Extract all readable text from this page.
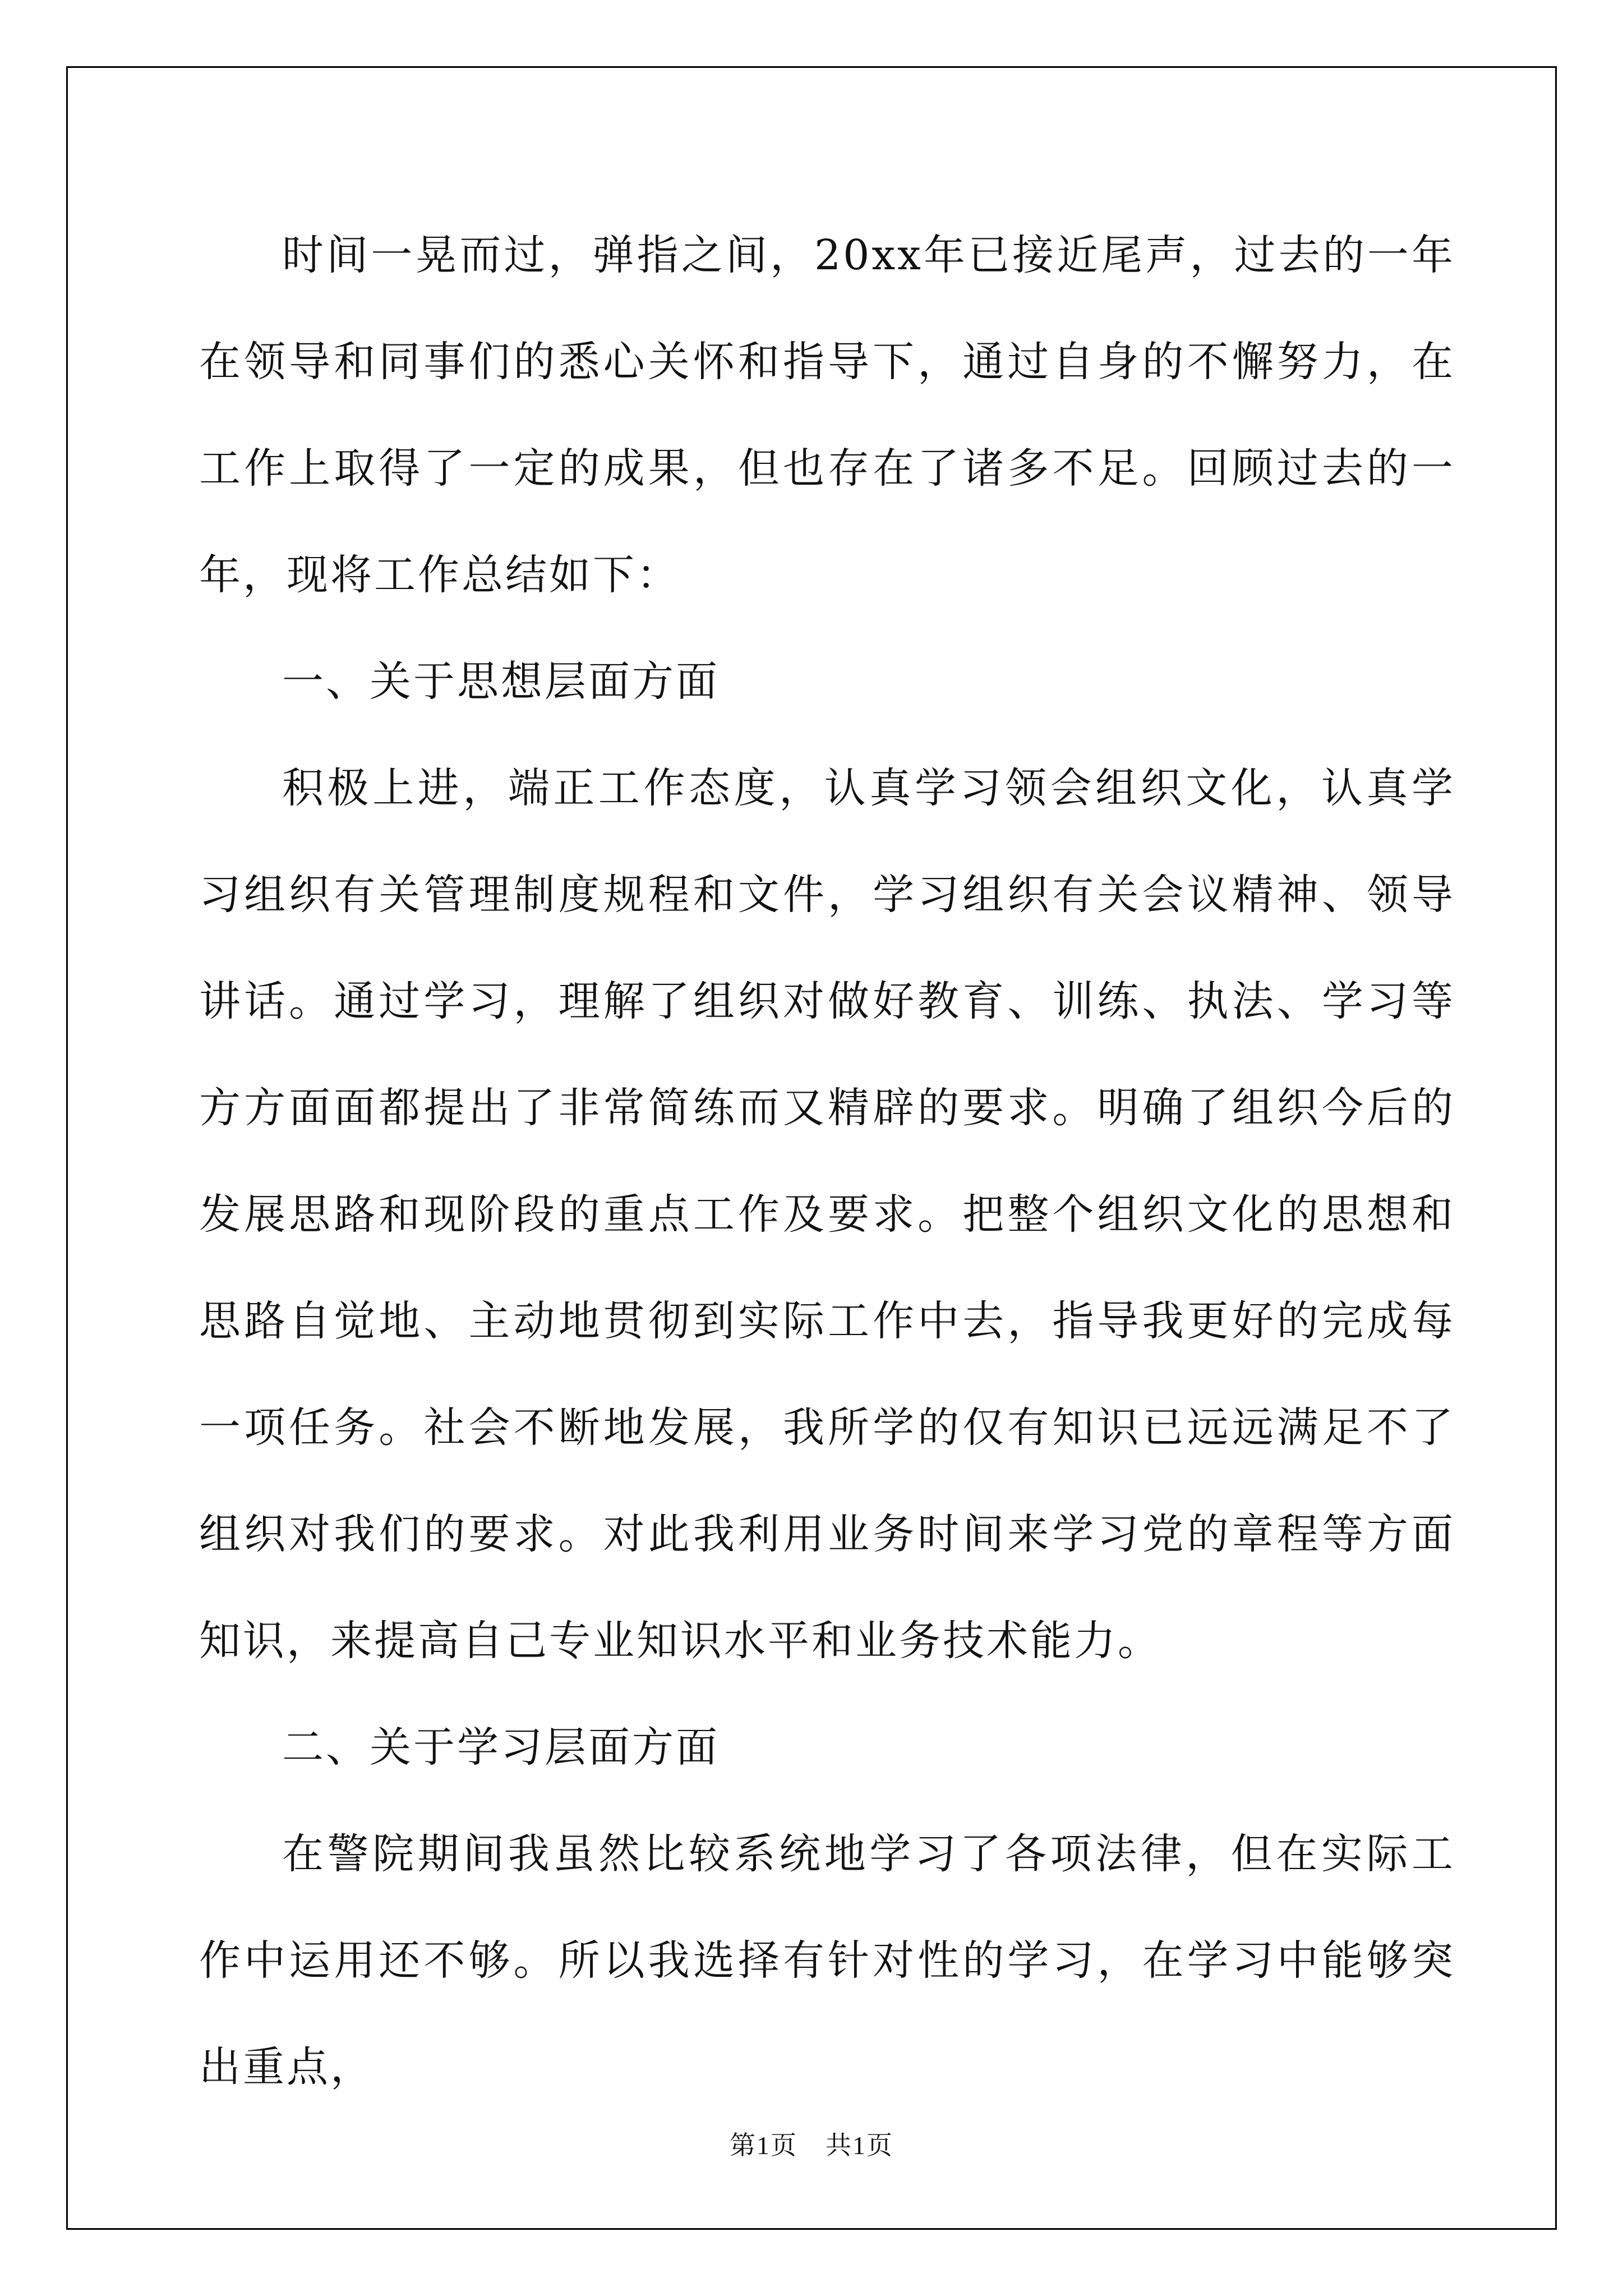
时间一晃而过，弹指之间，20xx年已接近尾声，过去的一年在领导和同事们的悉心关怀和指导下，通过自身的不懈努力，在工作上取得了一定的成果，但也存在了诸多不足。回顾过去的一年，现将工作总结如下：

一、关于思想层面方面

积极上进，端正工作态度，认真学习领会组织文化，认真学习组织有关管理制度规程和文件，学习组织有关会议精神、领导讲话。通过学习，理解了组织对做好教育、训练、执法、学习等方方面面都提出了非常简练而又精辟的要求。明确了组织今后的发展思路和现阶段的重点工作及要求。把整个组织文化的思想和思路自觉地、主动地贯彻到实际工作中去，指导我更好的完成每一项任务。社会不断地发展，我所学的仅有知识已远远满足不了组织对我们的要求。对此我利用业务时间来学习党的章程等方面知识，来提高自己专业知识水平和业务技术能力。

二、关于学习层面方面

在警院期间我虽然比较系统地学习了各项法律，但在实际工作中运用还不够。所以我选择有针对性的学习，在学习中能够突出重点，

第1页 共1页
